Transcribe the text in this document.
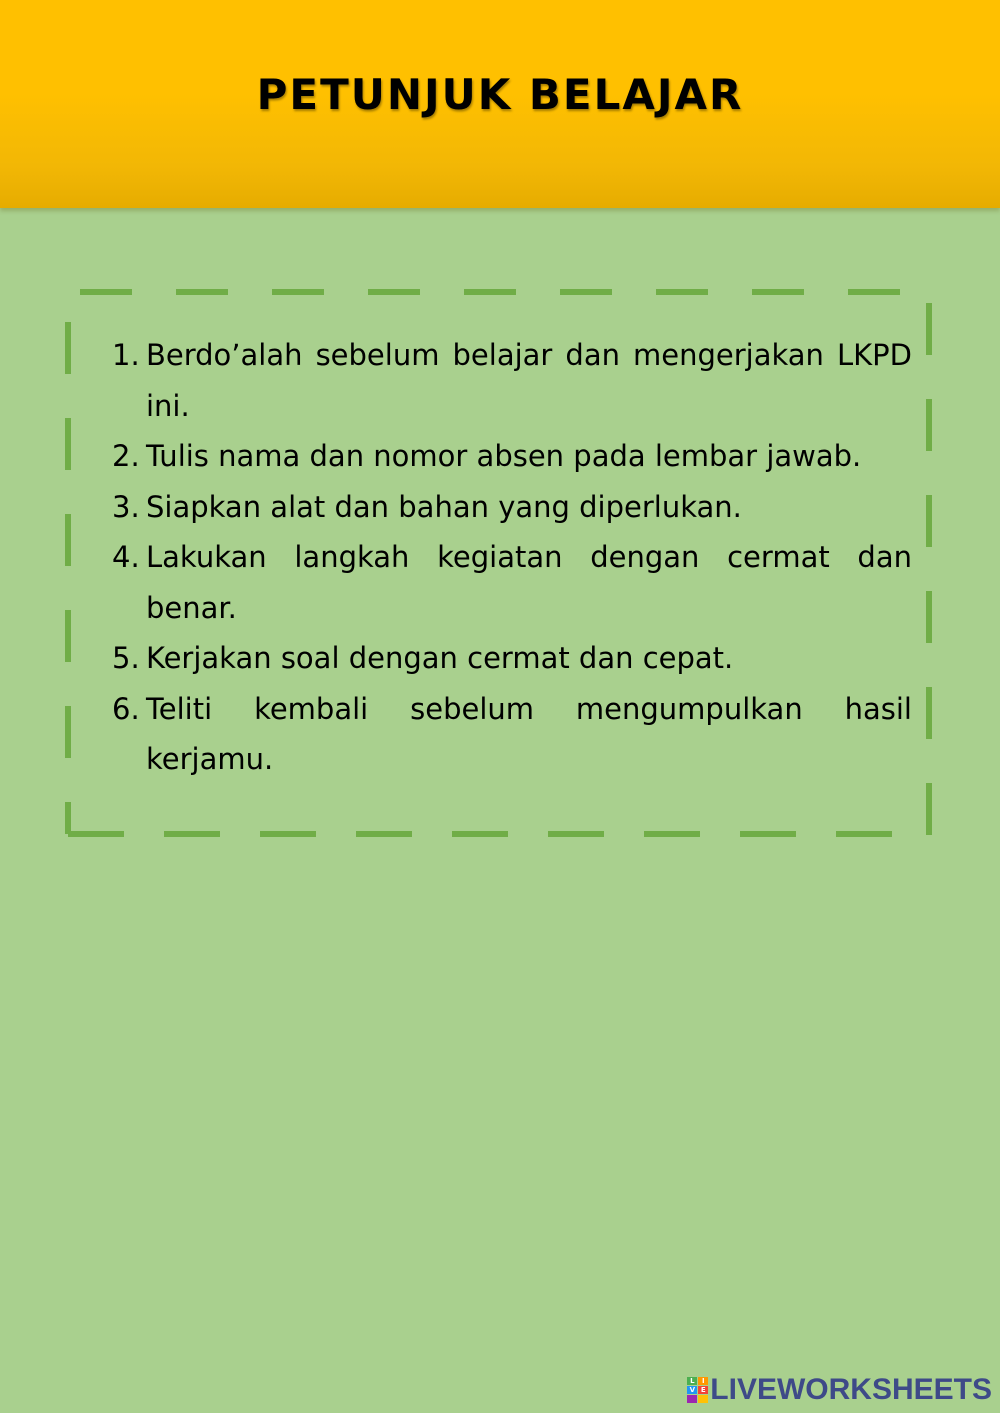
PETUNJUK BELAJAR
1. Berdo’alah sebelum belajar dan mengerjakan LKPD ini.
2. Tulis nama dan nomor absen pada lembar jawab.
3. Siapkan alat dan bahan yang diperlukan.
4. Lakukan langkah kegiatan dengan cermat dan benar.
5. Kerjakan soal dengan cermat dan cepat.
6. Teliti kembali sebelum mengumpulkan hasil kerjamu.
L	I
V E LIVEWORKSHEETS
